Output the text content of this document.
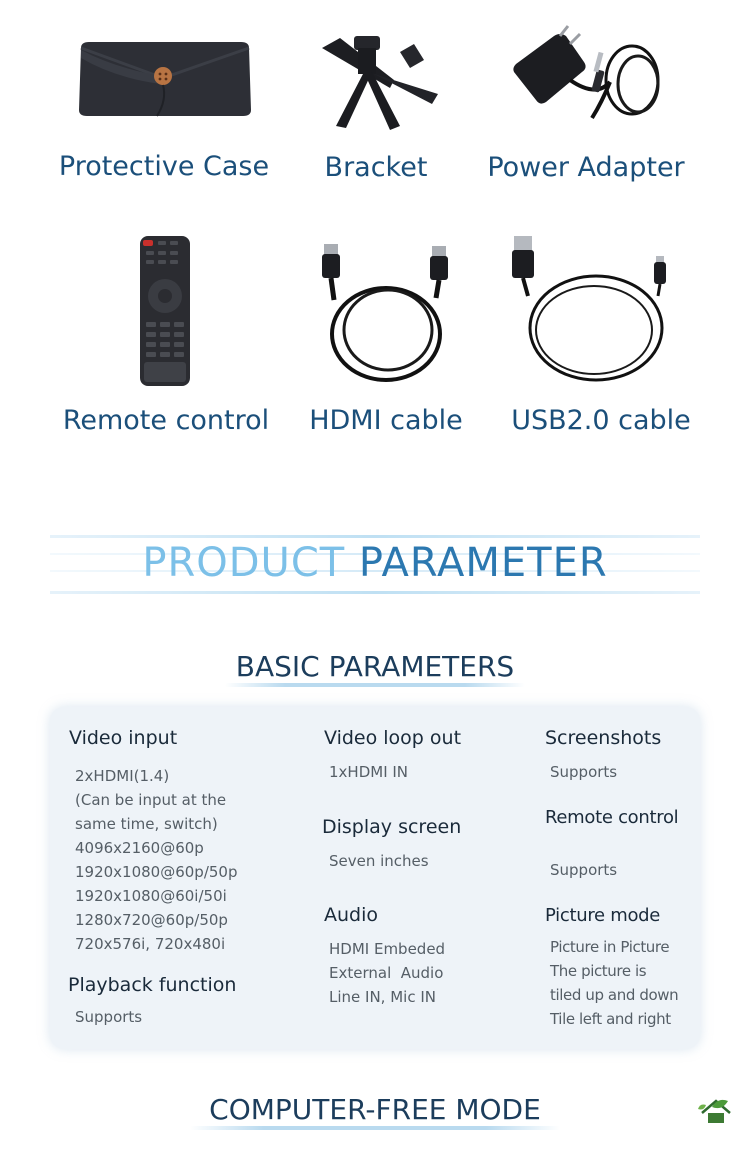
Protective Case	Bracket	Power Adapter
Remote control	HDMI cable	USB2.0 cable
PRODUCT PARAMETER
BASIC PARAMETERS
Video input
2xHDMI(1.4)
(Can be input at the
same time, switch)
4096x2160@60p
1920x1080@60p/50p
1920x1080@60i/50i
1280x720@60p/50p
720x576i, 720x480i
Playback function
Supports
Video loop out
1xHDMI IN
Display screen
Seven inches
Audio
HDMI Embeded
External  Audio
Line IN, Mic IN
Screenshots
Supports
Remote control
Supports
Picture mode
Picture in Picture
The picture is
tiled up and down
Tile left and right
COMPUTER-FREE MODE
